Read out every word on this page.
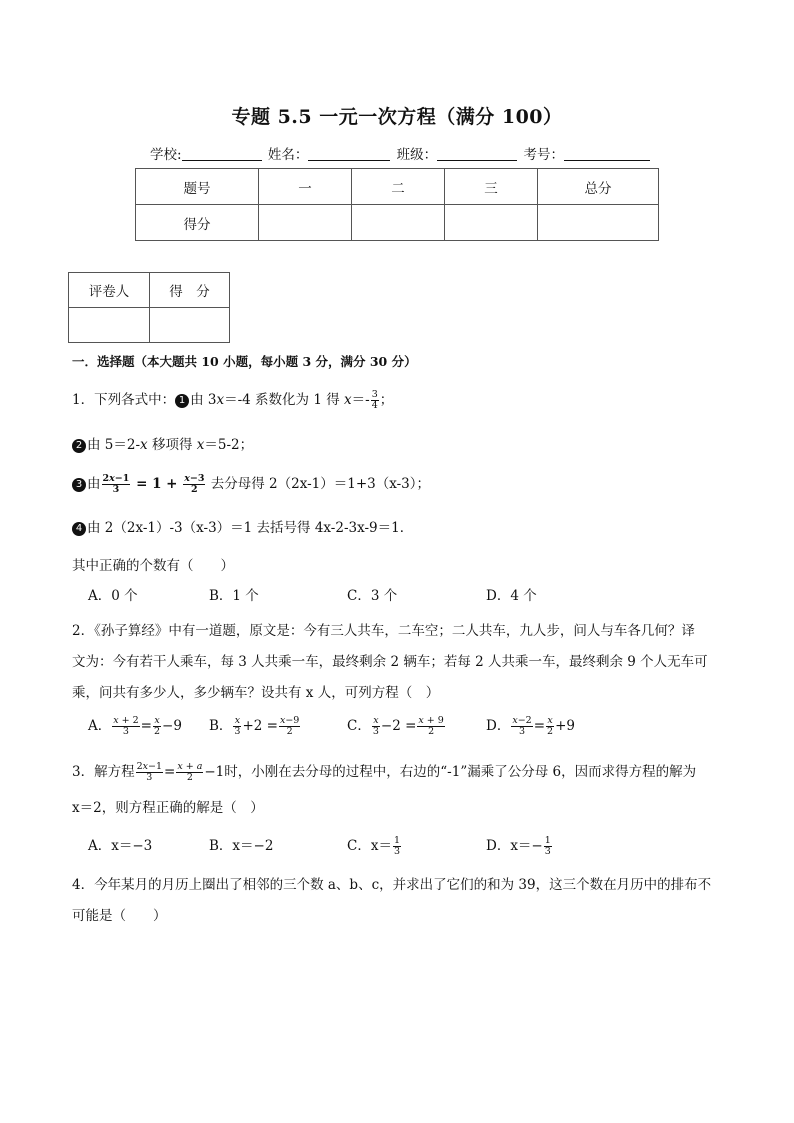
专题 5.5 一元一次方程（满分 100）
学校:	姓名：	班级：	考号：
题号	一	二	三	总分
得分				
评卷人	得　分

一．选择题（本大题共 10 小题，每小题 3 分，满分 30 分）
1．下列各式中： 1 由 3x＝-4 系数化为 1 得 $x=- \frac{3}{4}$ ；
2 由 5＝2-x 移项得 x＝5-2；
3 由 $\frac{2x-1}{3} = 1 + \frac{x-3}{2}$ 去分母得 2（2x-1）＝1+3（x-3）；
4 由 2（2x-1）-3（x-3）＝1 去括号得 4x-2-3x-9＝1．
其中正确的个数有（　　）
A．0 个	B．1 个	C．3 个	D．4 个
2．《孙子算经》中有一道题，原文是：今有三人共车，二车空；二人共车，九人步，问人与车各几何？译
文为：今有若干人乘车，每 3 人共乘一车，最终剩余 2 辆车；若每 2 人共乘一车，最终剩余 9 个人无车可
乘，问共有多少人，多少辆车？设共有 x 人，可列方程（　）
A． $\frac{x + 2}{3} = \frac{x}{2} -9$ B． $\frac{x}{3} +2 = \frac{x-9}{2}$	C． $\frac{x}{3} -2 = \frac{x + 9}{2}$	D． $\frac{x-2}{3} = \frac{x}{2} +9$
3．解方程 $\frac{2x-1}{3} = \frac{x + a}{2} -1$时，小刚在去分母的过程中，右边的“-1”漏乘了公分母 6，因而求得方程的解为
x＝2，则方程正确的解是（　）
A．x＝−3	B．x＝−2	C．$x= \frac{1}{3}$	D．$x=- \frac{1}{3}$
4．今年某月的月历上圈出了相邻的三个数 a、b、c，并求出了它们的和为 39，这三个数在月历中的排布不
可能是（　　）
